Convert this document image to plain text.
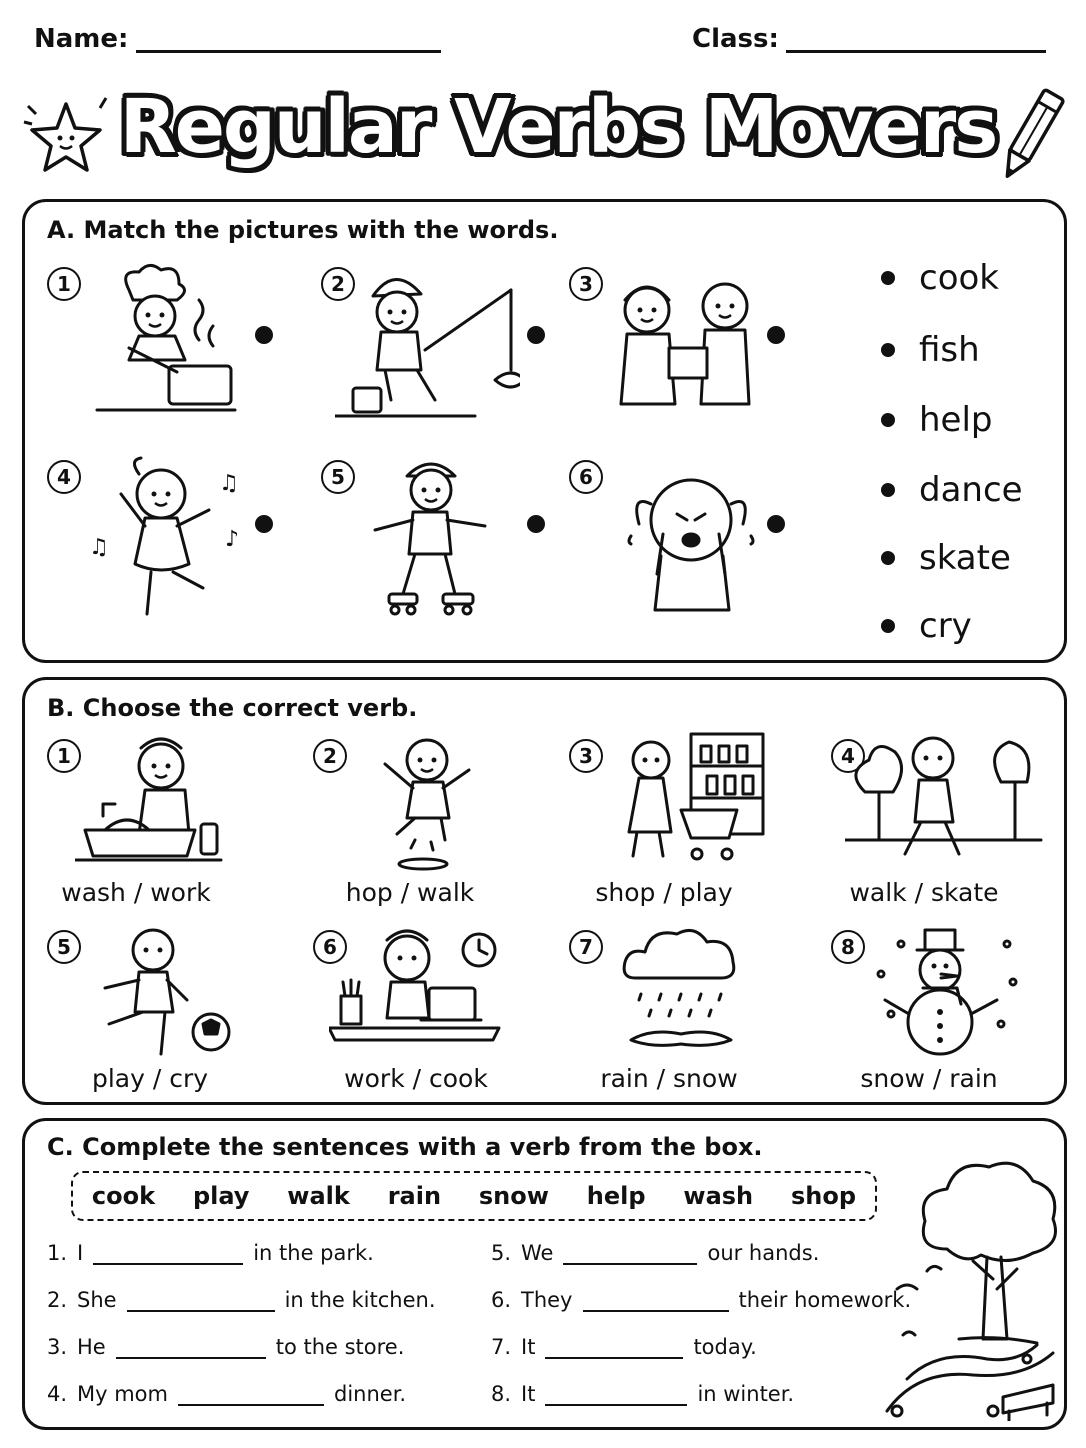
Name:	Class:
Regular Verbs Movers
A. Match the pictures with the words.
1	2	3
4	♫
♫	♪
5	6
cook
fish
help
dance
skate
cry
B. Choose the correct verb.
1	2	3	4
wash / work	hop / walk	shop / play	walk / skate
5	6	7	8
play / cry	work / cook	rain / snow	snow / rain
C. Complete the sentences with a verb from the box.
cook play walk rain snow help wash shop
1. I	in the park.
2. She	in the kitchen.
3. He	to the store.
4. My mom	dinner.
5. We	our hands.
6. They	their homework.
7. It	today.
8. It	in winter.
